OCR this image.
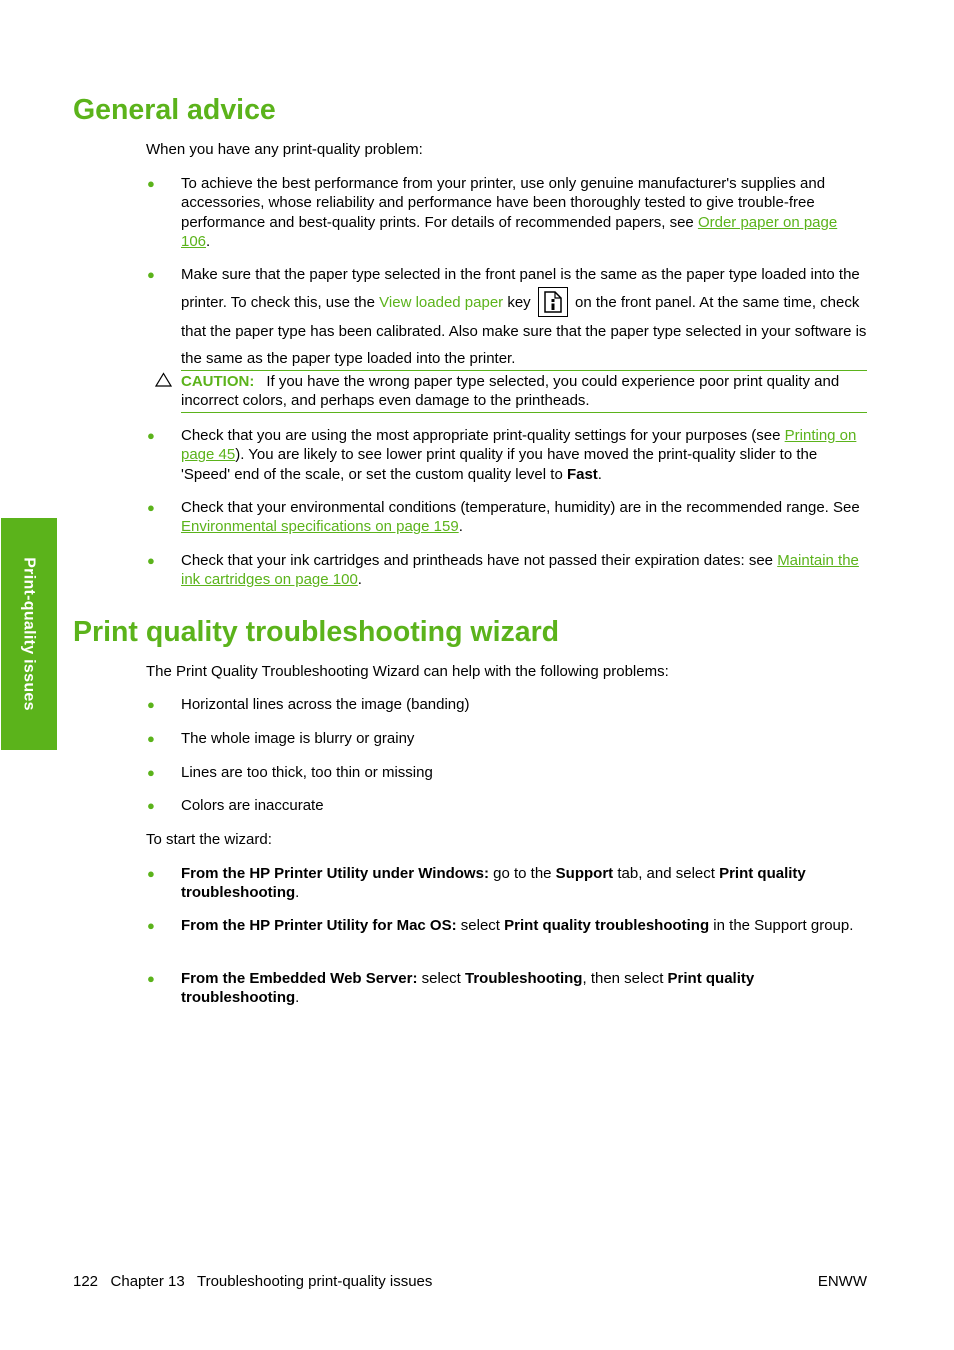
Print-quality issues
General advice

When you have any print-quality problem:

● To achieve the best performance from your printer, use only genuine manufacturer's supplies and accessories, whose reliability and performance have been thoroughly tested to give trouble-free performance and best-quality prints. For details of recommended papers, see Order paper on page 106.
● Make sure that the paper type selected in the front panel is the same as the paper type loaded into the printer. To check this, use the View loaded paper key
on the front panel. At the same time, check that the paper type has been calibrated. Also make sure that the paper type selected in your software is the same as the paper type loaded into the printer.
CAUTION: If you have the wrong paper type selected, you could experience poor print quality and incorrect colors, and perhaps even damage to the printheads.
● Check that you are using the most appropriate print-quality settings for your purposes (see Printing on page 45). You are likely to see lower print quality if you have moved the print-quality slider to the 'Speed' end of the scale, or set the custom quality level to Fast.
● Check that your environmental conditions (temperature, humidity) are in the recommended range. See Environmental specifications on page 159.
● Check that your ink cartridges and printheads have not passed their expiration dates: see Maintain the ink cartridges on page 100.
Print quality troubleshooting wizard

The Print Quality Troubleshooting Wizard can help with the following problems:

● Horizontal lines across the image (banding)
● The whole image is blurry or grainy
● Lines are too thick, too thin or missing
● Colors are inaccurate

To start the wizard:

● From the HP Printer Utility under Windows: go to the Support tab, and select Print quality troubleshooting.
● From the HP Printer Utility for Mac OS: select Print quality troubleshooting in the Support group.
● From the Embedded Web Server: select Troubleshooting, then select Print quality troubleshooting.
122   Chapter 13   Troubleshooting print-quality issues	ENWW
